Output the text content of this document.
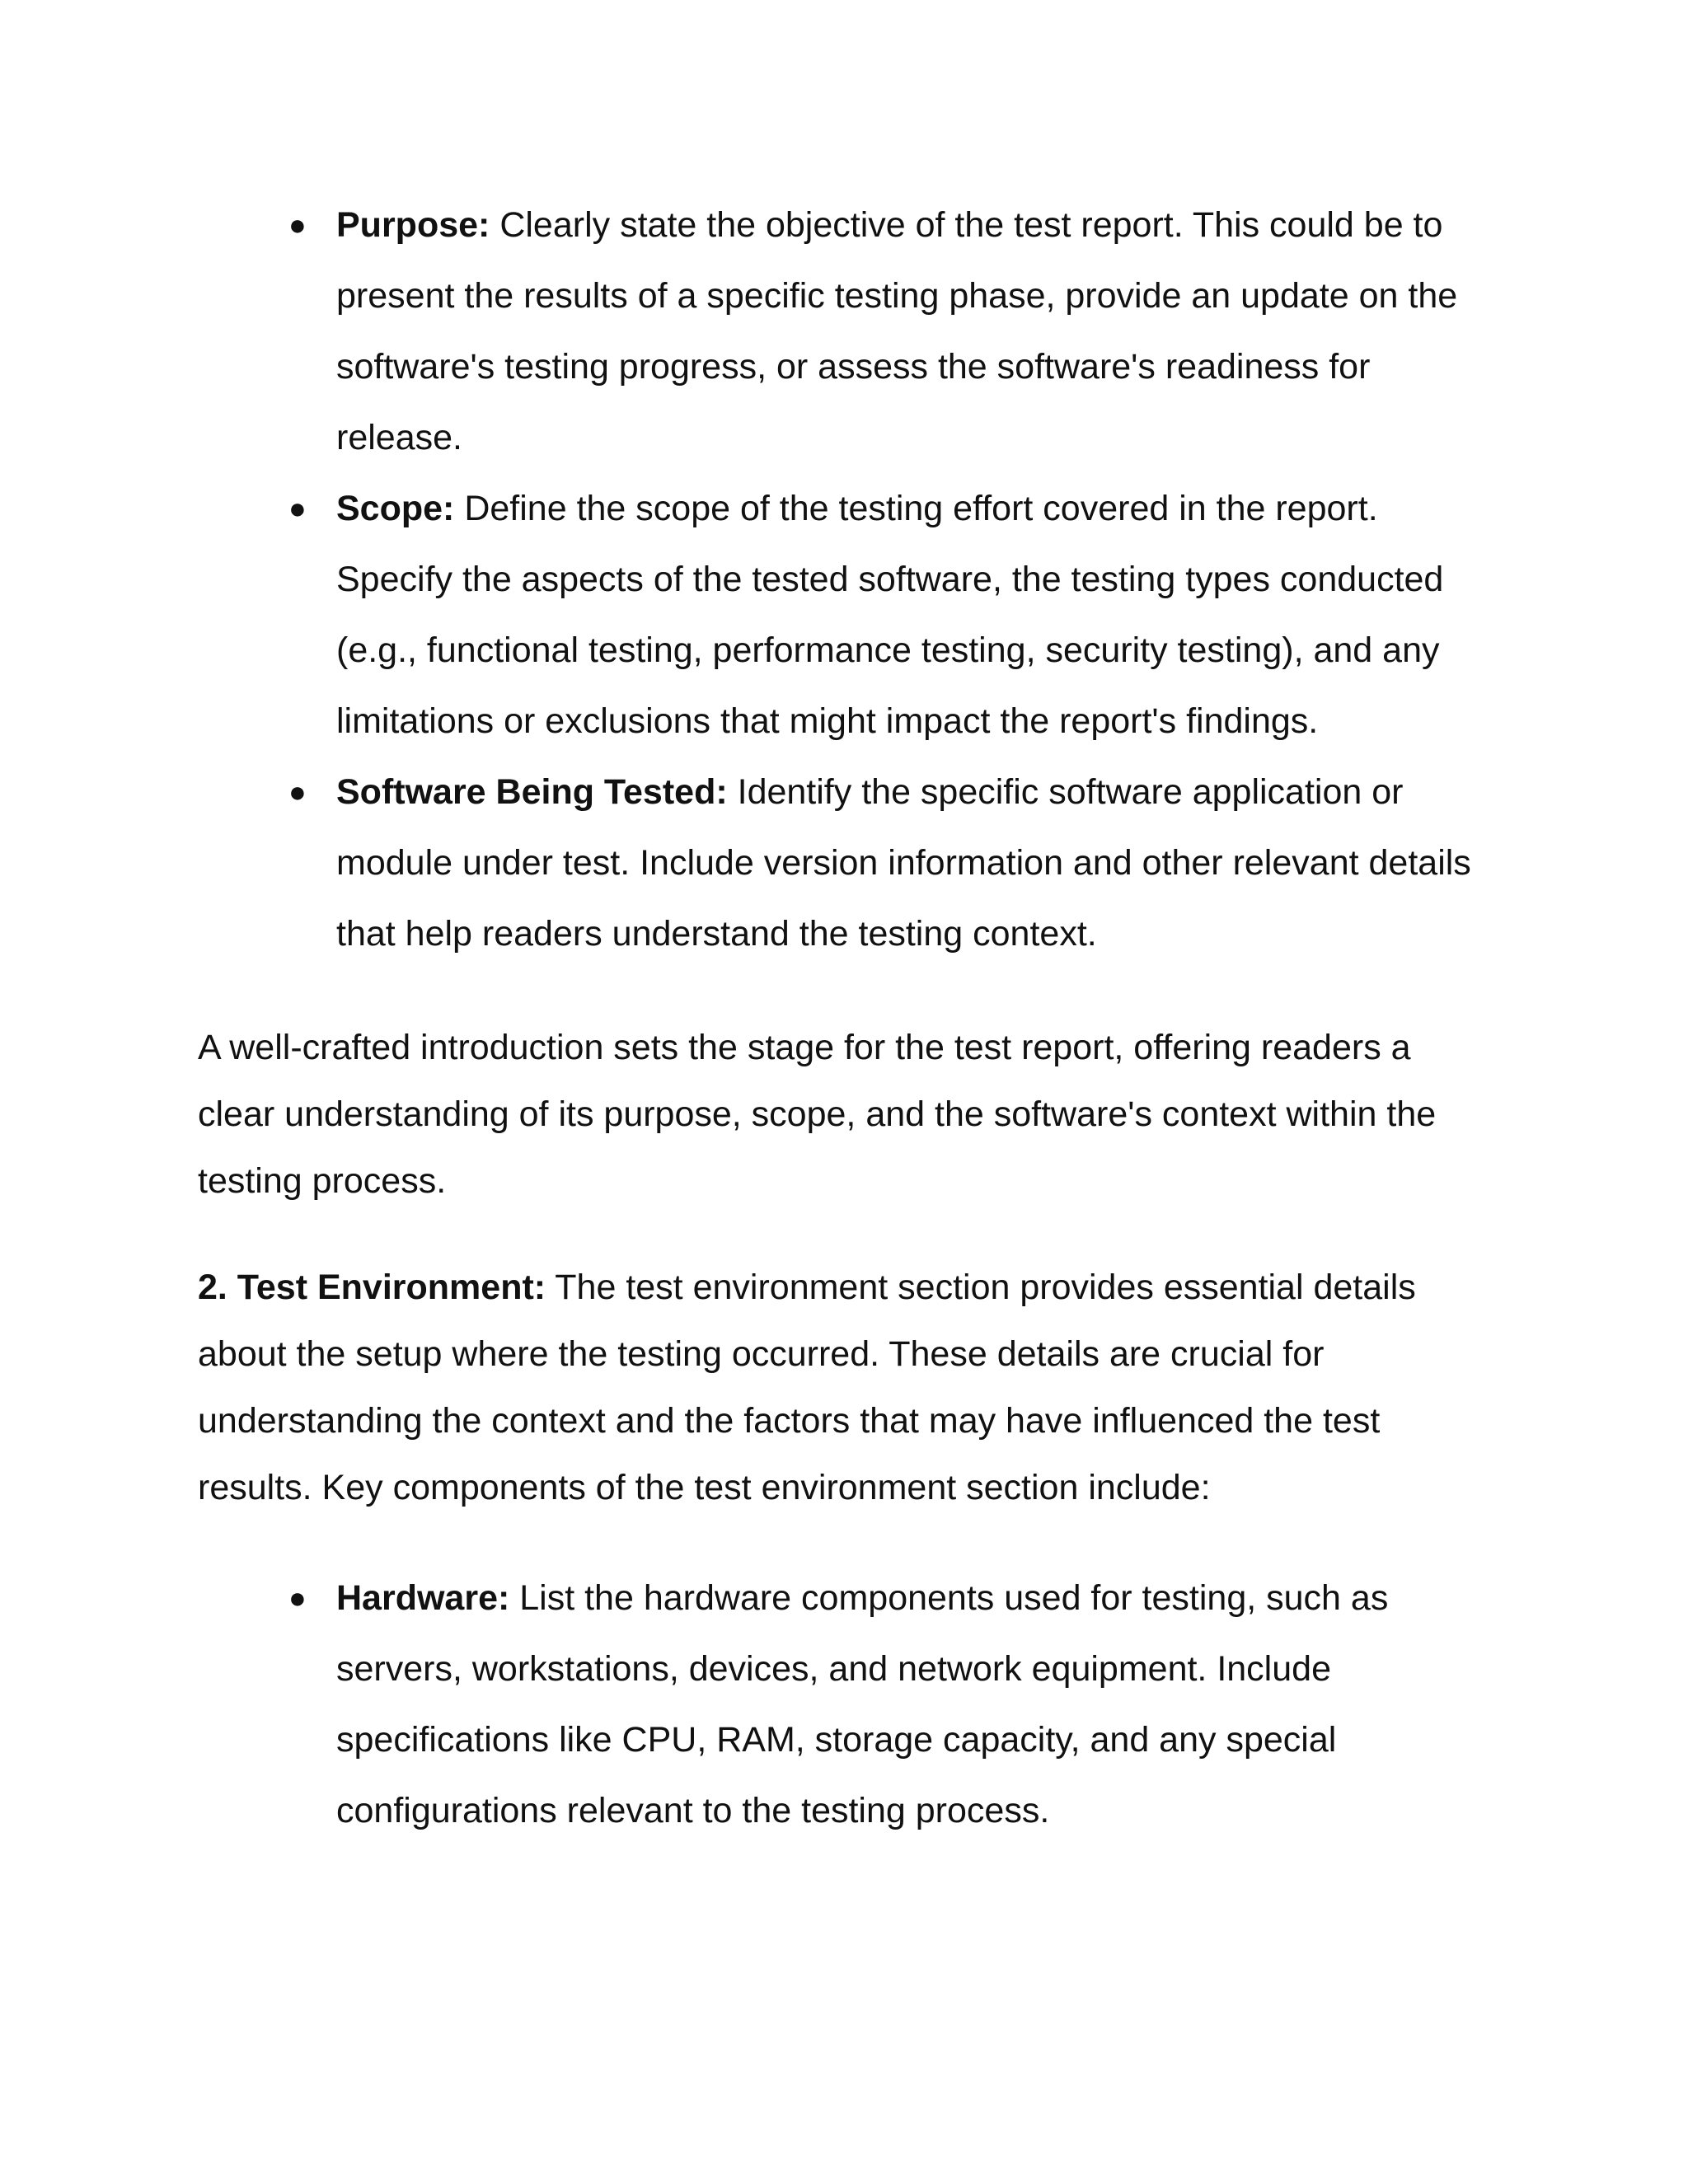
● Purpose: Clearly state the objective of the test report. This could be to present the results of a specific testing phase, provide an update on the software's testing progress, or assess the software's readiness for release.
● Scope: Define the scope of the testing effort covered in the report. Specify the aspects of the tested software, the testing types conducted (e.g., functional testing, performance testing, security testing), and any limitations or exclusions that might impact the report's findings.
● Software Being Tested: Identify the specific software application or module under test. Include version information and other relevant details that help readers understand the testing context.

A well-crafted introduction sets the stage for the test report, offering readers a clear understanding of its purpose, scope, and the software's context within the testing process.

2. Test Environment: The test environment section provides essential details about the setup where the testing occurred. These details are crucial for understanding the context and the factors that may have influenced the test results. Key components of the test environment section include:

● Hardware: List the hardware components used for testing, such as servers, workstations, devices, and network equipment. Include specifications like CPU, RAM, storage capacity, and any special configurations relevant to the testing process.
